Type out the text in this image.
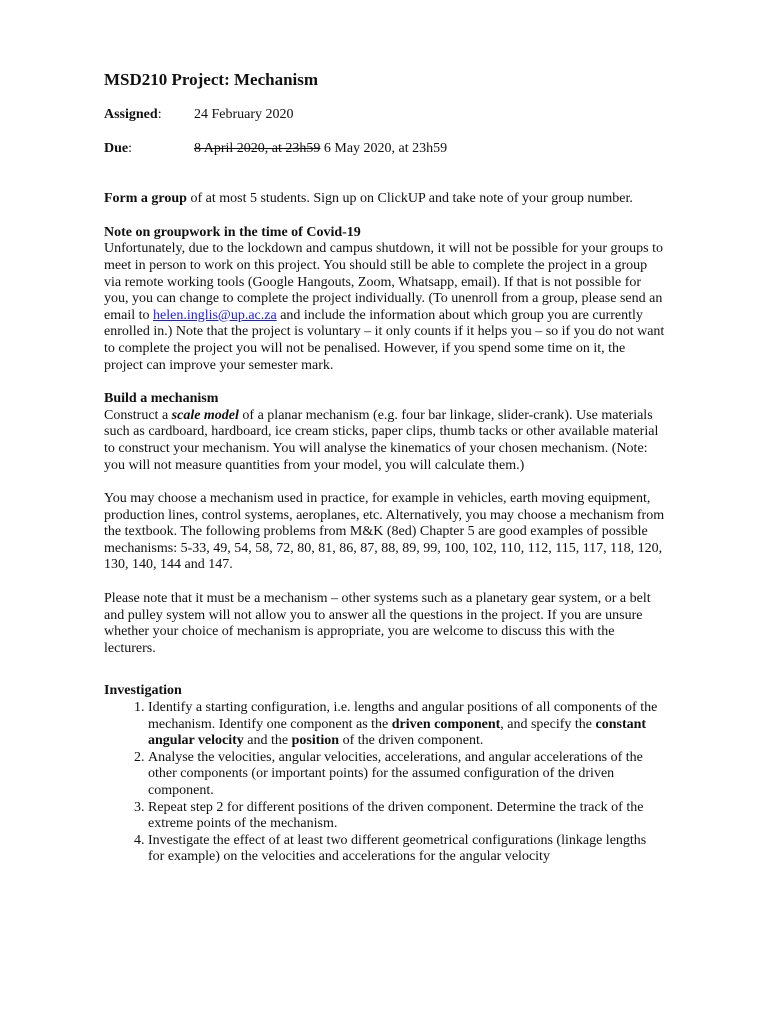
MSD210 Project: Mechanism
Assigned:	24 February 2020
Due:	8 April 2020, at 23h59 6 May 2020, at 23h59

Form a group of at most 5 students. Sign up on ClickUP and take note of your group number.

Note on groupwork in the time of Covid-19

Unfortunately, due to the lockdown and campus shutdown, it will not be possible for your groups to meet in person to work on this project. You should still be able to complete the project in a group via remote working tools (Google Hangouts, Zoom, Whatsapp, email). If that is not possible for you, you can change to complete the project individually. (To unenroll from a group, please send an email to helen.inglis@up.ac.za and include the information about which group you are currently enrolled in.) Note that the project is voluntary – it only counts if it helps you – so if you do not want to complete the project you will not be penalised. However, if you spend some time on it, the project can improve your semester mark.

Build a mechanism

Construct a scale model of a planar mechanism (e.g. four bar linkage, slider-crank). Use materials such as cardboard, hardboard, ice cream sticks, paper clips, thumb tacks or other available material to construct your mechanism. You will analyse the kinematics of your chosen mechanism. (Note: you will not measure quantities from your model, you will calculate them.)

You may choose a mechanism used in practice, for example in vehicles, earth moving equipment, production lines, control systems, aeroplanes, etc. Alternatively, you may choose a mechanism from the textbook. The following problems from M&K (8ed) Chapter 5 are good examples of possible mechanisms: 5-33, 49, 54, 58, 72, 80, 81, 86, 87, 88, 89, 99, 100, 102, 110, 112, 115, 117, 118, 120, 130, 140, 144 and 147.

Please note that it must be a mechanism – other systems such as a planetary gear system, or a belt and pulley system will not allow you to answer all the questions in the project. If you are unsure whether your choice of mechanism is appropriate, you are welcome to discuss this with the lecturers.

Investigation

1. Identify a starting configuration, i.e. lengths and angular positions of all components of the mechanism. Identify one component as the driven component, and specify the constant angular velocity and the position of the driven component.
2. Analyse the velocities, angular velocities, accelerations, and angular accelerations of the other components (or important points) for the assumed configuration of the driven component.
3. Repeat step 2 for different positions of the driven component. Determine the track of the extreme points of the mechanism.
4. Investigate the effect of at least two different geometrical configurations (linkage lengths for example) on the velocities and accelerations for the angular velocity
